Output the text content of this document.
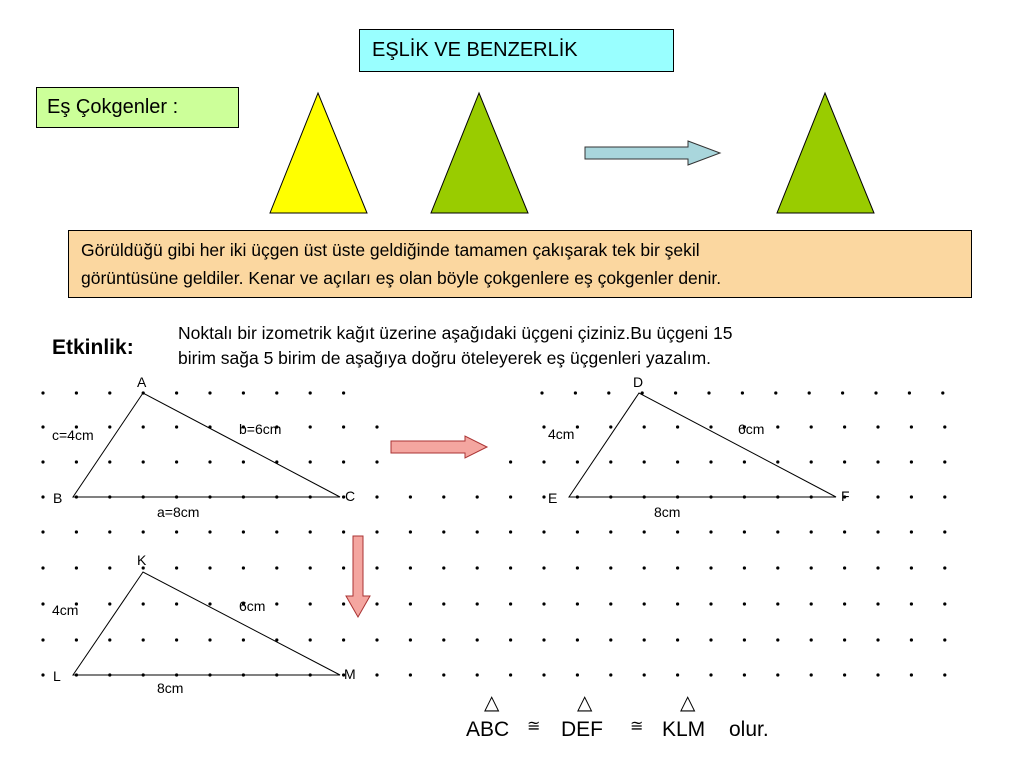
EŞLİK VE BENZERLİK
Eş Çokgenler :
Görüldüğü gibi her iki üçgen üst üste geldiğinde tamamen çakışarak tek bir şekil
görüntüsüne geldiler. Kenar ve açıları eş olan böyle çokgenlere eş çokgenler denir.
Etkinlik:
Noktalı bir izometrik kağıt üzerine aşağıdaki üçgeni çiziniz.Bu üçgeni 15
birim sağa 5 birim de aşağıya doğru öteleyerek eş üçgenleri yazalım.
A
B	C
c=4cm	b=6cm
a=8cm
D
E	F
4cm	6cm
8cm
K
L	M
4cm	6cm
8cm
△	△	△
ABC ≅ DEF ≅ KLM olur.
